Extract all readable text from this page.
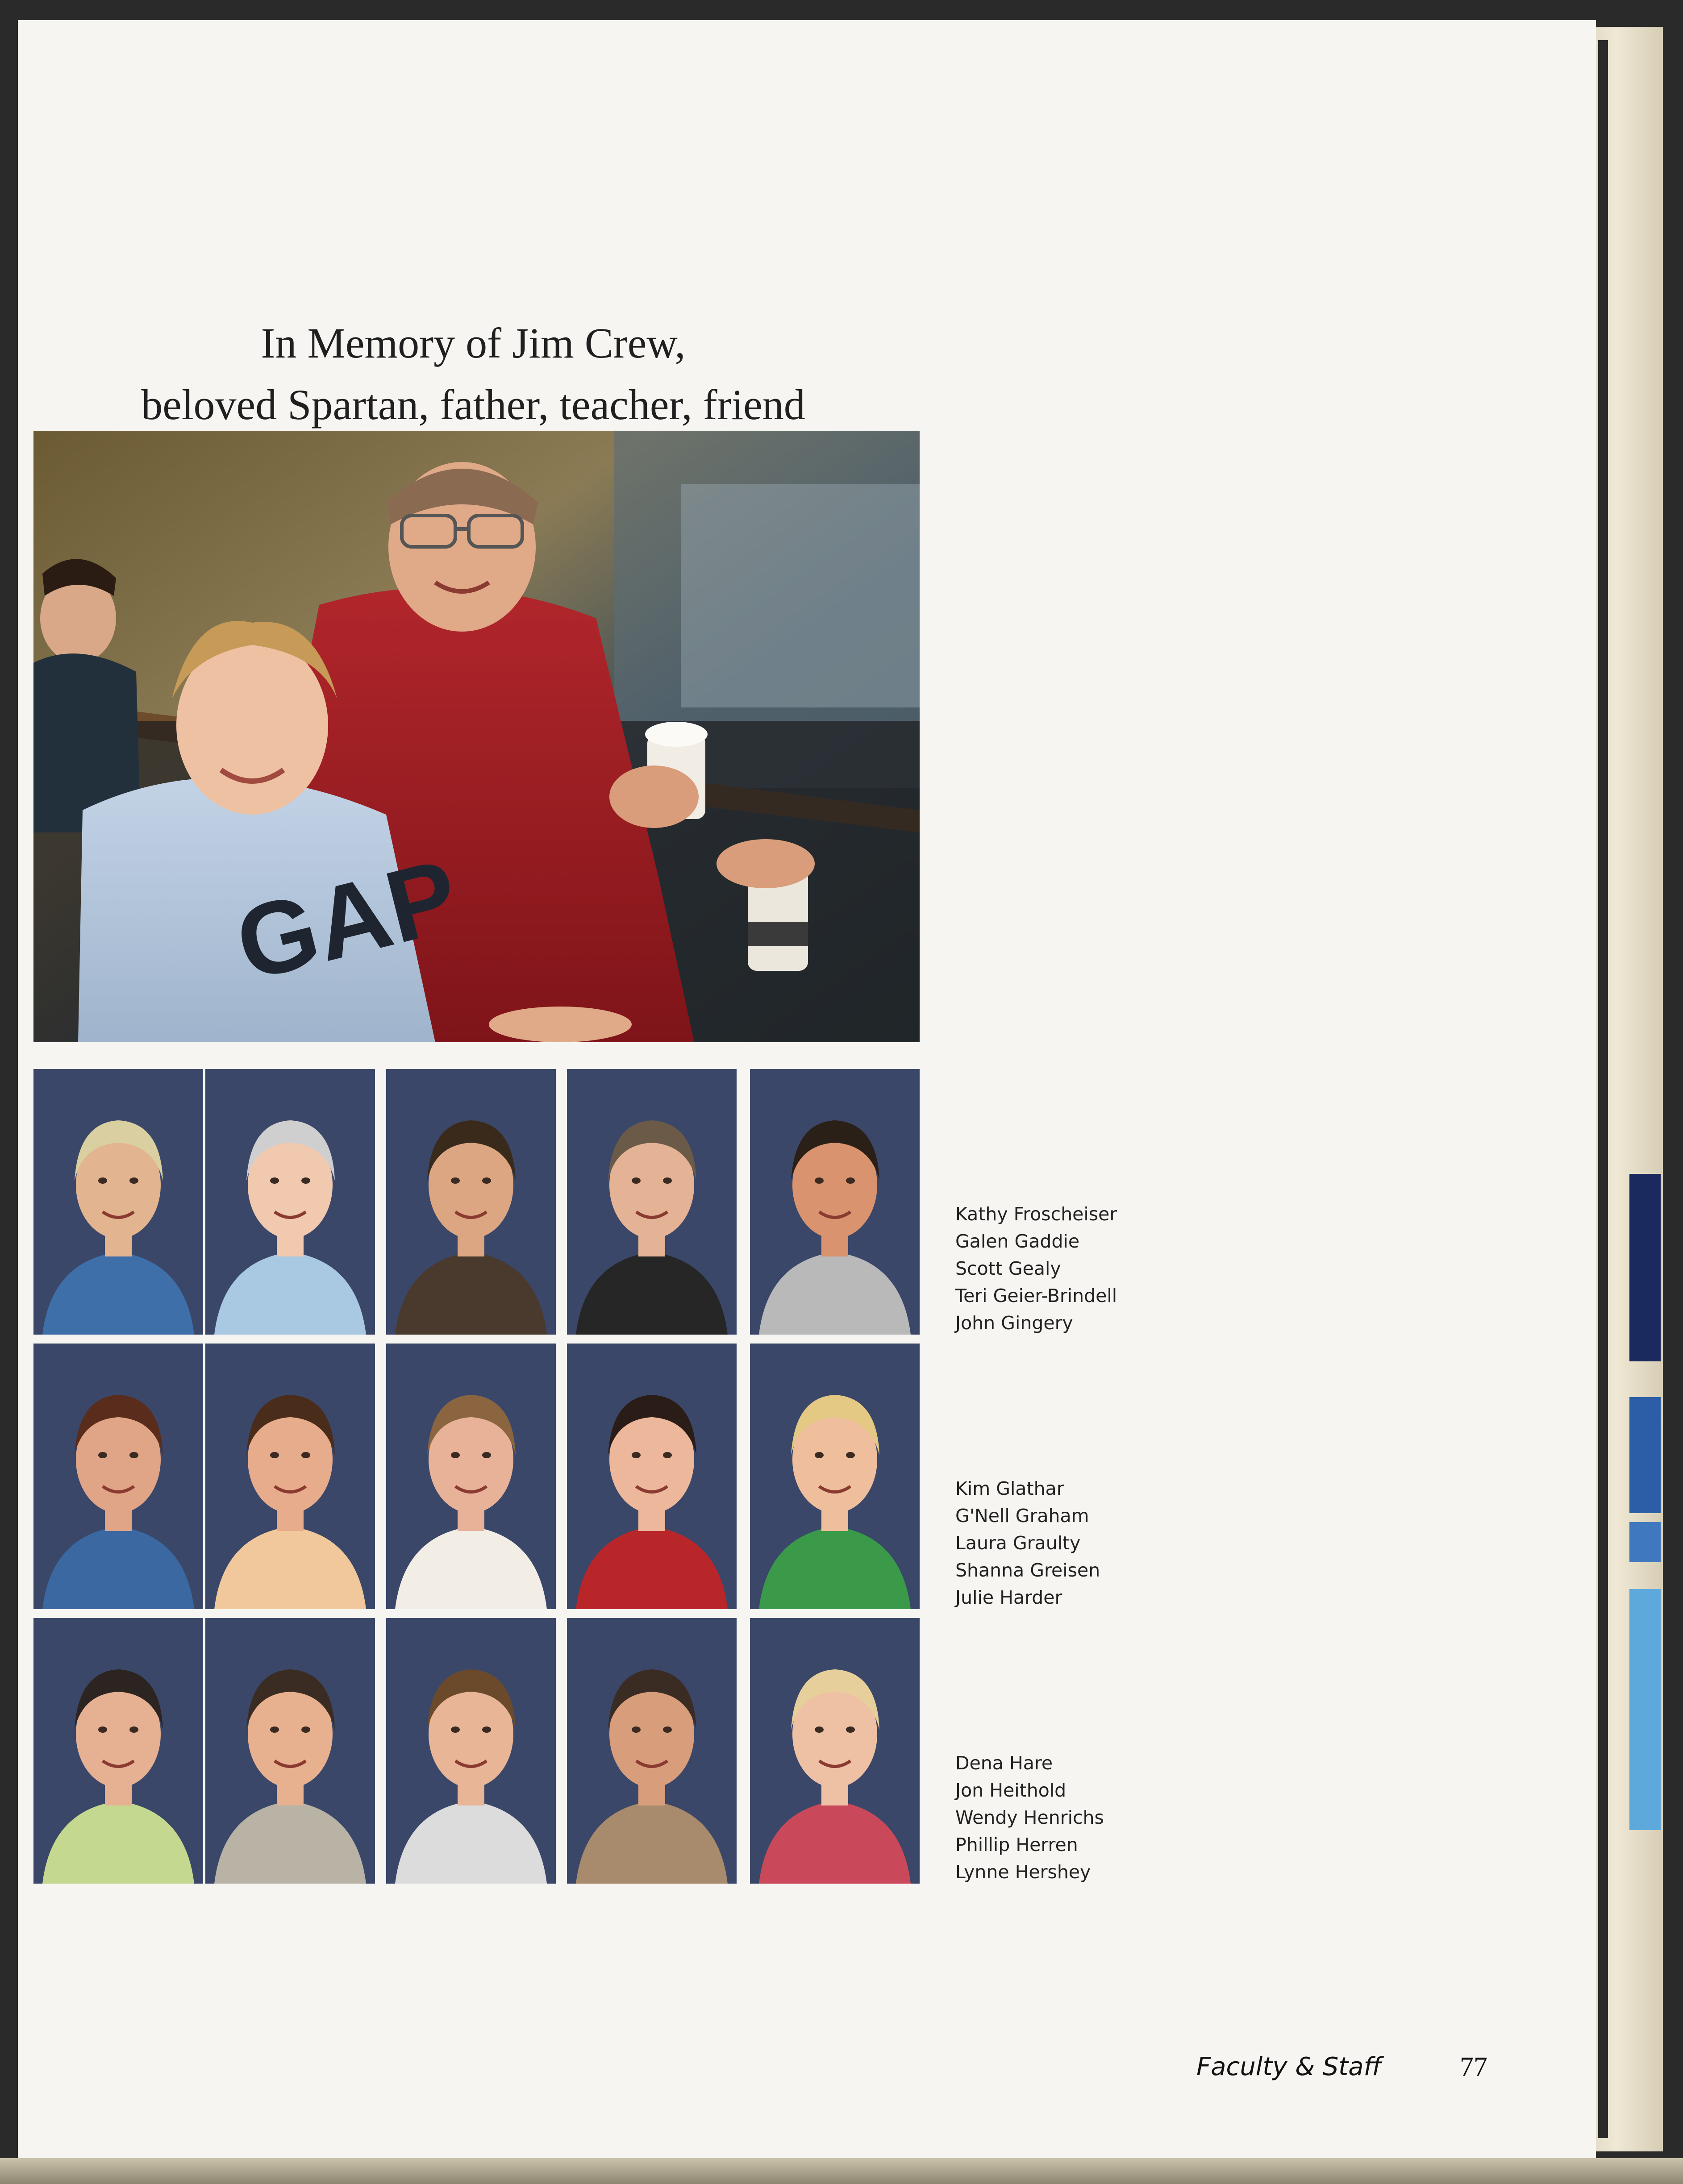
In Memory of Jim Crew,
beloved Spartan, father, teacher, friend
GAP
Kathy Froscheiser
Galen Gaddie
Scott Gealy
Teri Geier-Brindell
John Gingery
Kim Glathar
G'Nell Graham
Laura Graulty
Shanna Greisen
Julie Harder
Dena Hare
Jon Heithold
Wendy Henrichs
Phillip Herren
Lynne Hershey
Faculty & Staff	77
